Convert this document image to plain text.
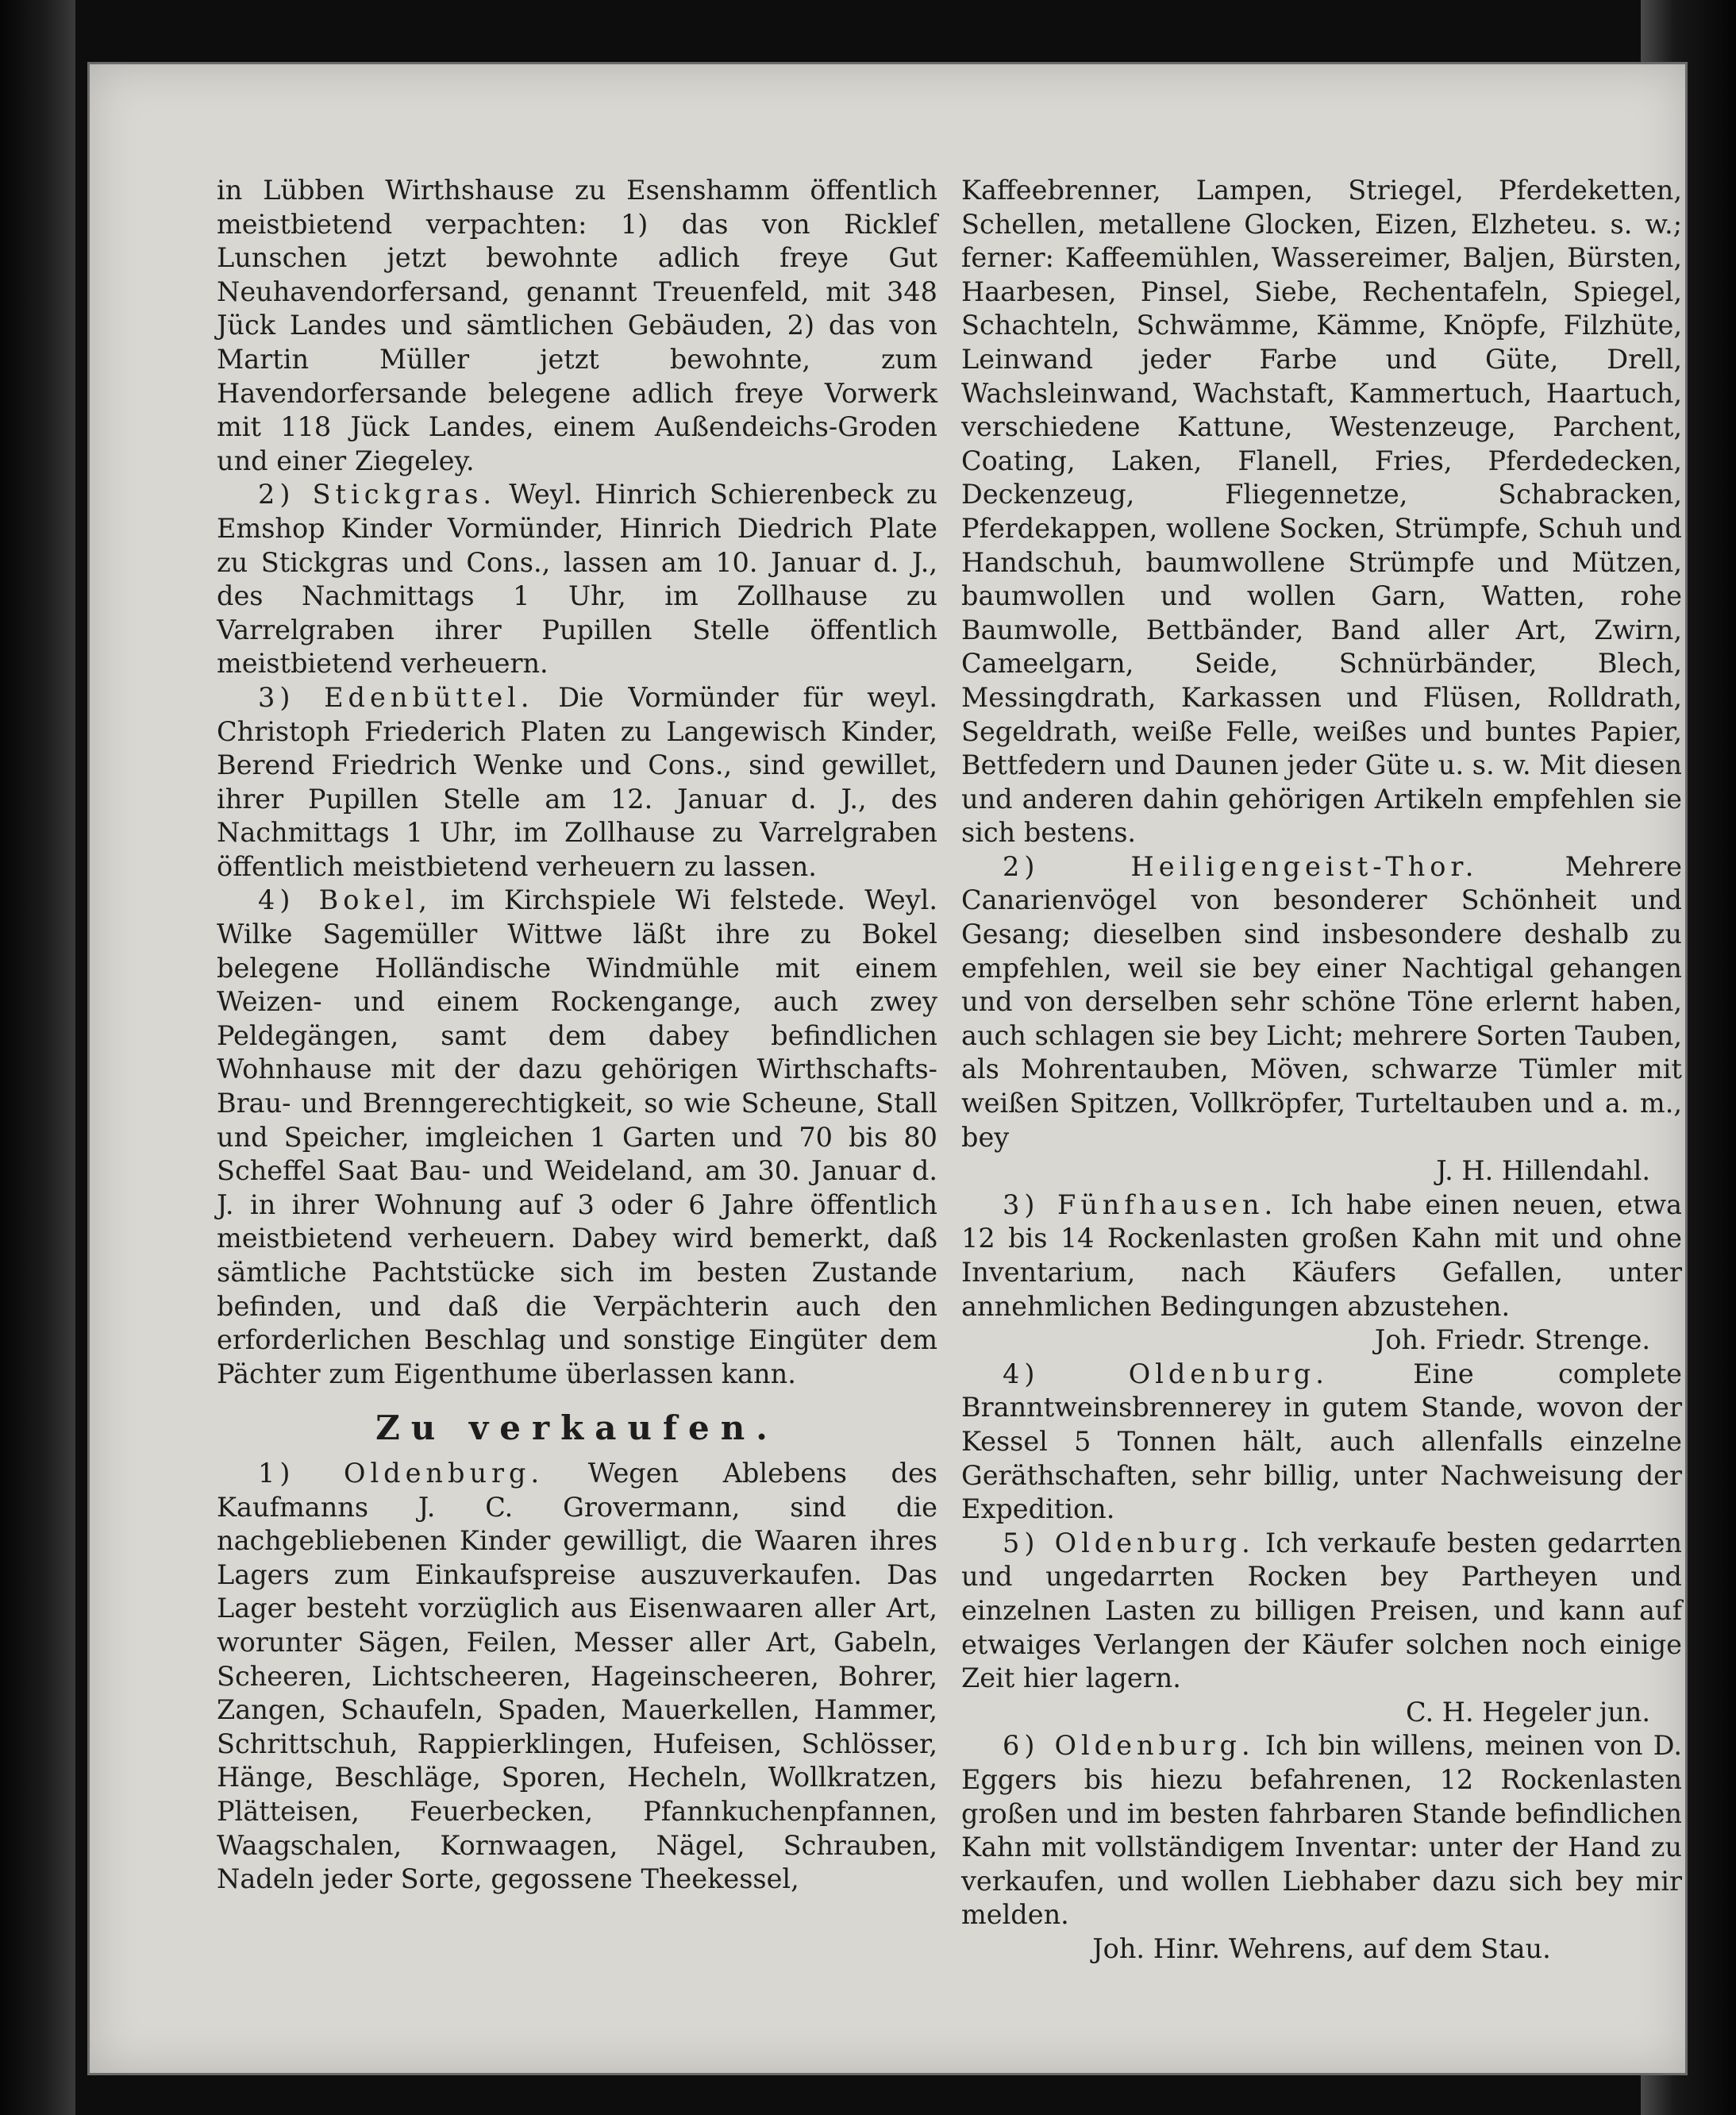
in Lübben Wirthshause zu Esenshamm öffentlich meistbietend verpachten: 1) das von Ricklef Lunschen jetzt bewohnte adlich freye Gut Neuhavendorfersand, genannt Treuenfeld, mit 348 Jück Landes und sämtlichen Gebäuden, 2) das von Martin Müller jetzt bewohnte, zum Havendorfersande belegene adlich freye Vorwerk mit 118 Jück Landes, einem Außendeichs-Groden und einer Ziegeley.

2) Stickgras. Weyl. Hinrich Schierenbeck zu Emshop Kinder Vormünder, Hinrich Diedrich Plate zu Stickgras und Cons., lassen am 10. Januar d. J., des Nachmittags 1 Uhr, im Zollhause zu Varrelgraben ihrer Pupillen Stelle öffentlich meistbietend verheuern.

3) Edenbüttel. Die Vormünder für weyl. Christoph Friederich Platen zu Langewisch Kinder, Berend Friedrich Wenke und Cons., sind gewillet, ihrer Pupillen Stelle am 12. Januar d. J., des Nachmittags 1 Uhr, im Zollhause zu Varrelgraben öffentlich meistbietend verheuern zu lassen.

4) Bokel, im Kirchspiele Wi felstede. Weyl. Wilke Sagemüller Wittwe läßt ihre zu Bokel belegene Holländische Windmühle mit einem Weizen- und einem Rockengange, auch zwey Peldegängen, samt dem dabey befindlichen Wohnhause mit der dazu gehörigen Wirthschafts-Brau- und Brenngerechtigkeit, so wie Scheune, Stall und Speicher, imgleichen 1 Garten und 70 bis 80 Scheffel Saat Bau- und Weideland, am 30. Januar d. J. in ihrer Wohnung auf 3 oder 6 Jahre öffentlich meistbietend verheuern. Dabey wird bemerkt, daß sämtliche Pachtstücke sich im besten Zustande befinden, und daß die Verpächterin auch den erforderlichen Beschlag und sonstige Eingüter dem Pächter zum Eigenthume überlassen kann.

Zu verkaufen.

1) Oldenburg. Wegen Ablebens des Kaufmanns J. C. Grovermann, sind die nachgebliebenen Kinder gewilligt, die Waaren ihres Lagers zum Einkaufspreise auszuverkaufen. Das Lager besteht vorzüglich aus Eisenwaaren aller Art, worunter Sägen, Feilen, Messer aller Art, Gabeln, Scheeren, Lichtscheeren, Hageinscheeren, Bohrer, Zangen, Schaufeln, Spaden, Mauerkellen, Hammer, Schrittschuh, Rappierklingen, Hufeisen, Schlösser, Hänge, Beschläge, Sporen, Hecheln, Wollkratzen, Plätteisen, Feuerbecken, Pfannkuchenpfannen, Waagschalen, Kornwaagen, Nägel, Schrauben, Nadeln jeder Sorte, gegossene Theekessel,

Kaffeebrenner, Lampen, Striegel, Pferdeketten, Schellen, metallene Glocken, Eizen, Elzheteu. s. w.; ferner: Kaffeemühlen, Wassereimer, Baljen, Bürsten, Haarbesen, Pinsel, Siebe, Rechentafeln, Spiegel, Schachteln, Schwämme, Kämme, Knöpfe, Filzhüte, Leinwand jeder Farbe und Güte, Drell, Wachsleinwand, Wachstaft, Kammertuch, Haartuch, verschiedene Kattune, Westenzeuge, Parchent, Coating, Laken, Flanell, Fries, Pferdedecken, Deckenzeug, Fliegennetze, Schabracken, Pferdekappen, wollene Socken, Strümpfe, Schuh und Handschuh, baumwollene Strümpfe und Mützen, baumwollen und wollen Garn, Watten, rohe Baumwolle, Bettbänder, Band aller Art, Zwirn, Cameelgarn, Seide, Schnürbänder, Blech, Messingdrath, Karkassen und Flüsen, Rolldrath, Segeldrath, weiße Felle, weißes und buntes Papier, Bettfedern und Daunen jeder Güte u. s. w. Mit diesen und anderen dahin gehörigen Artikeln empfehlen sie sich bestens.

2) Heiligengeist-Thor.	Mehrere Canarienvögel von besonderer Schönheit und Gesang; dieselben sind insbesondere deshalb zu empfehlen, weil sie bey einer Nachtigal gehangen und von derselben sehr schöne Töne erlernt haben, auch schlagen sie bey Licht; mehrere Sorten Tauben, als Mohrentauben, Möven, schwarze Tümler mit weißen Spitzen, Vollkröpfer, Turteltauben und a. m., bey

J. H. Hillendahl.

3) Fünfhausen. Ich habe einen neuen, etwa 12 bis 14 Rockenlasten großen Kahn mit und ohne Inventarium, nach Käufers Gefallen, unter annehmlichen Bedingungen abzustehen.

Joh. Friedr. Strenge.

4) Oldenburg.	Eine complete Branntweinsbrennerey in gutem Stande, wovon der Kessel 5 Tonnen hält, auch allenfalls einzelne Geräthschaften, sehr billig, unter Nachweisung der Expedition.

5) Oldenburg. Ich verkaufe besten gedarrten und ungedarrten Rocken bey Partheyen und einzelnen Lasten zu billigen Preisen, und kann auf etwaiges Verlangen der Käufer solchen noch einige Zeit hier lagern.

C. H. Hegeler jun.

6) Oldenburg. Ich bin willens, meinen von D. Eggers bis hiezu befahrenen, 12 Rockenlasten großen und im besten fahrbaren Stande befindlichen Kahn mit vollständigem Inventar: unter der Hand zu verkaufen, und wollen Liebhaber dazu sich bey mir melden.

Joh. Hinr. Wehrens, auf dem Stau.
